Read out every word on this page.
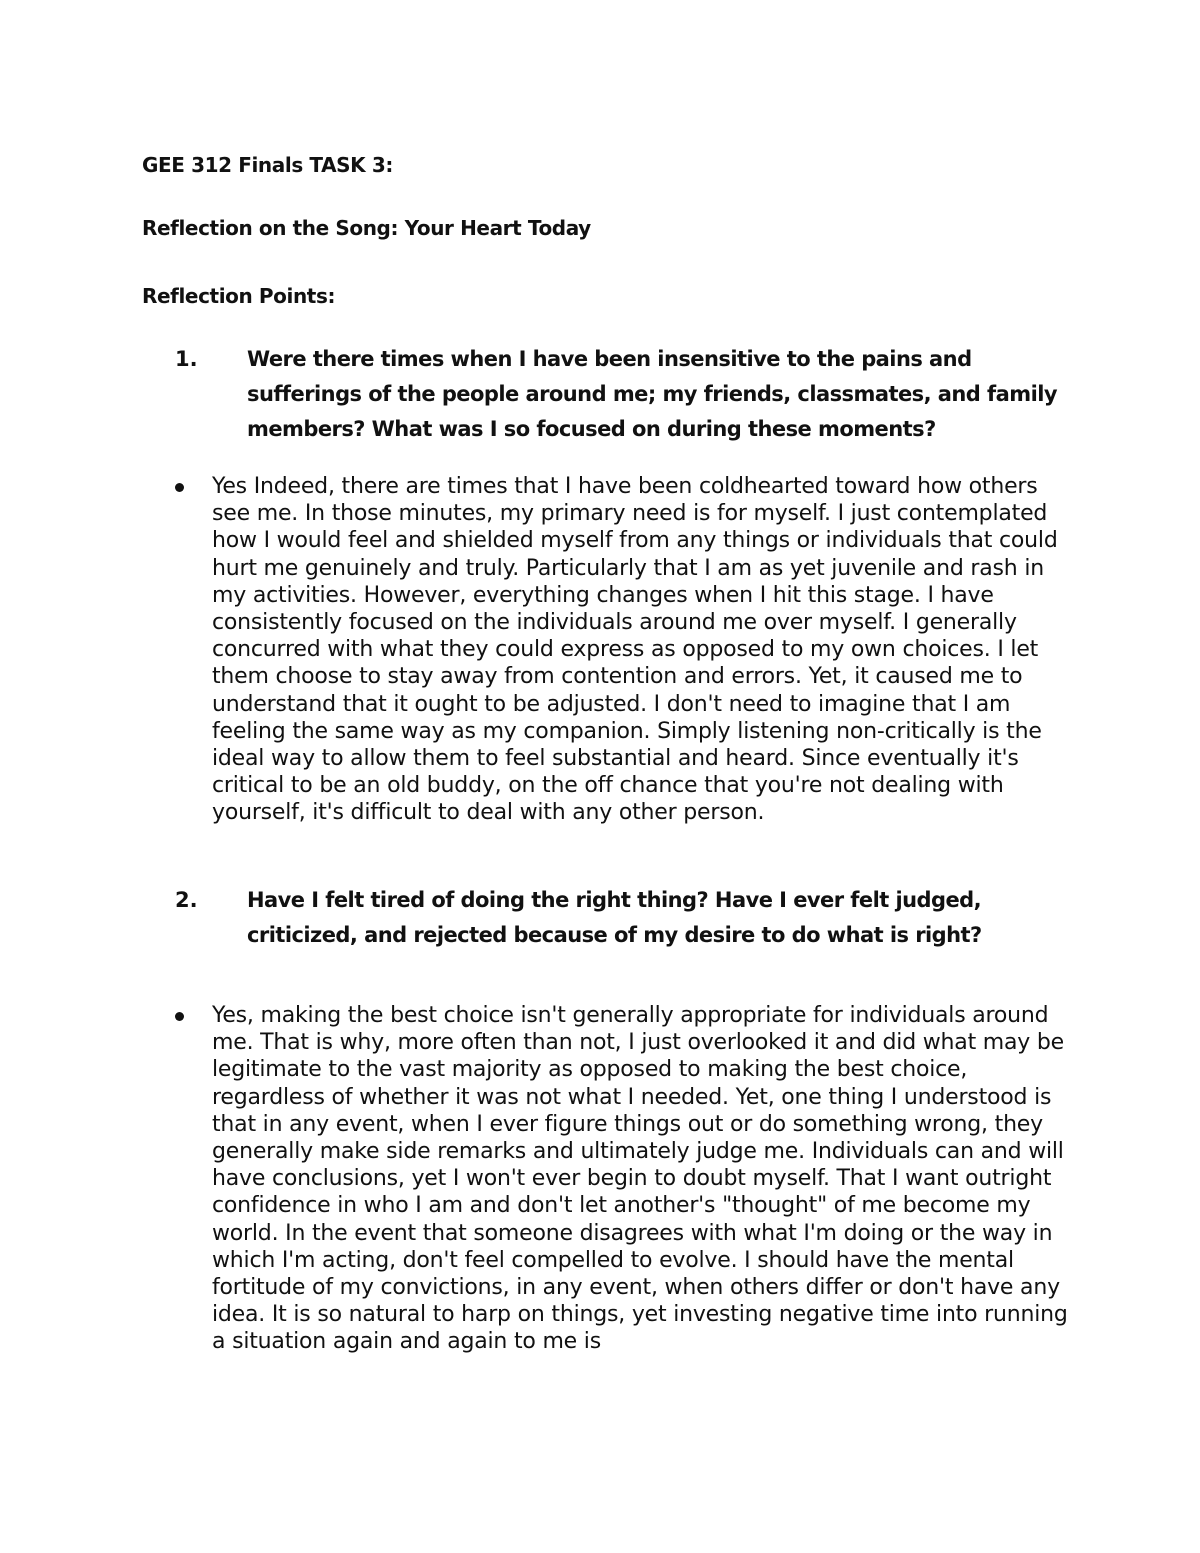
GEE 312 Finals TASK 3:
Reflection on the Song: Your Heart Today
Reflection Points:
1. Were there times when I have been insensitive to the pains and sufferings of the people around me; my friends, classmates, and family members? What was I so focused on during these moments?
Yes Indeed, there are times that I have been coldhearted toward how others see me. In those minutes, my primary need is for myself. I just contemplated how I would feel and shielded myself from any things or individuals that could hurt me genuinely and truly. Particularly that I am as yet juvenile and rash in my activities. However, everything changes when I hit this stage. I have consistently focused on the individuals around me over myself. I generally concurred with what they could express as opposed to my own choices. I let them choose to stay away from contention and errors. Yet, it caused me to understand that it ought to be adjusted. I don't need to imagine that I am feeling the same way as my companion. Simply listening non-critically is the ideal way to allow them to feel substantial and heard. Since eventually it's critical to be an old buddy, on the off chance that you're not dealing with yourself, it's difficult to deal with any other person.
2. Have I felt tired of doing the right thing? Have I ever felt judged, criticized, and rejected because of my desire to do what is right?
Yes, making the best choice isn't generally appropriate for individuals around me. That is why, more often than not, I just overlooked it and did what may be legitimate to the vast majority as opposed to making the best choice, regardless of whether it was not what I needed. Yet, one thing I understood is that in any event, when I ever figure things out or do something wrong, they generally make side remarks and ultimately judge me. Individuals can and will have conclusions, yet I won't ever begin to doubt myself. That I want outright confidence in who I am and don't let another's "thought" of me become my world. In the event that someone disagrees with what I'm doing or the way in which I'm acting, don't feel compelled to evolve. I should have the mental fortitude of my convictions, in any event, when others differ or don't have any idea. It is so natural to harp on things, yet investing negative time into running a situation again and again to me is
